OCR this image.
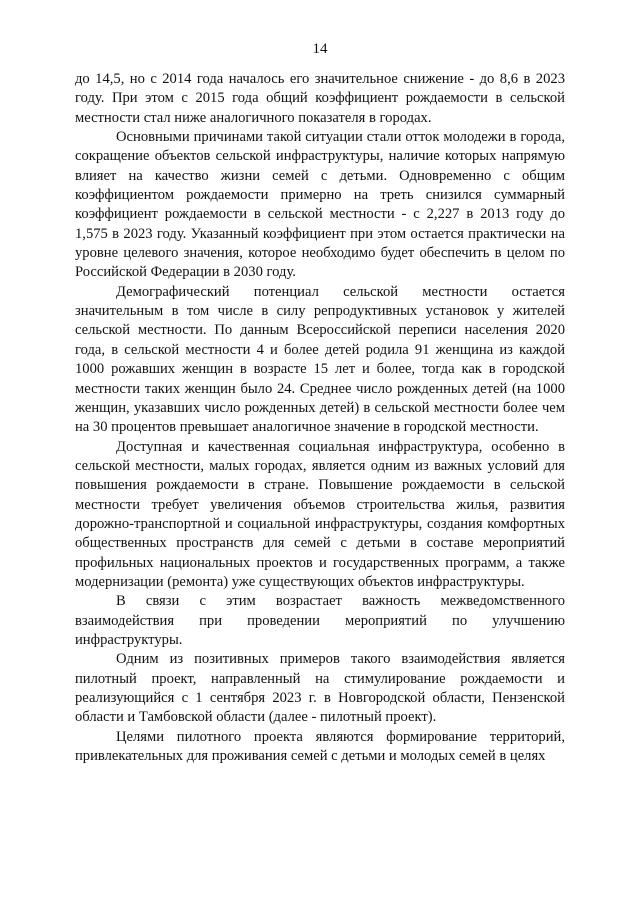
14

до 14,5, но с 2014 года началось его значительное снижение - до 8,6 в 2023 году. При этом с 2015 года общий коэффициент рождаемости в сельской местности стал ниже аналогичного показателя в городах.

Основными причинами такой ситуации стали отток молодежи в города, сокращение объектов сельской инфраструктуры, наличие которых напрямую влияет на качество жизни семей с детьми. Одновременно с общим коэффициентом рождаемости примерно на треть снизился суммарный коэффициент рождаемости в сельской местности - с 2,227 в 2013 году до 1,575 в 2023 году. Указанный коэффициент при этом остается практически на уровне целевого значения, которое необходимо будет обеспечить в целом по Российской Федерации в 2030 году.

Демографический потенциал сельской местности остается значительным в том числе в силу репродуктивных установок у жителей сельской местности. По данным Всероссийской переписи населения 2020 года, в сельской местности 4 и более детей родила 91 женщина из каждой 1000 рожавших женщин в возрасте 15 лет и более, тогда как в городской местности таких женщин было 24. Среднее число рожденных детей (на 1000 женщин, указавших число рожденных детей) в сельской местности более чем на 30 процентов превышает аналогичное значение в городской местности.

Доступная и качественная социальная инфраструктура, особенно в сельской местности, малых городах, является одним из важных условий для повышения рождаемости в стране. Повышение рождаемости в сельской местности требует увеличения объемов строительства жилья, развития дорожно-транспортной и социальной инфраструктуры, создания комфортных общественных пространств для семей с детьми в составе мероприятий профильных национальных проектов и государственных программ, а также модернизации (ремонта) уже существующих объектов инфраструктуры.

В связи с этим возрастает важность межведомственного взаимодействия при проведении мероприятий по улучшению инфраструктуры.

Одним из позитивных примеров такого взаимодействия является пилотный проект, направленный на стимулирование рождаемости и реализующийся с 1 сентября 2023 г. в Новгородской области, Пензенской области и Тамбовской области (далее - пилотный проект).

Целями пилотного проекта являются формирование территорий, привлекательных для проживания семей с детьми и молодых семей в целях
